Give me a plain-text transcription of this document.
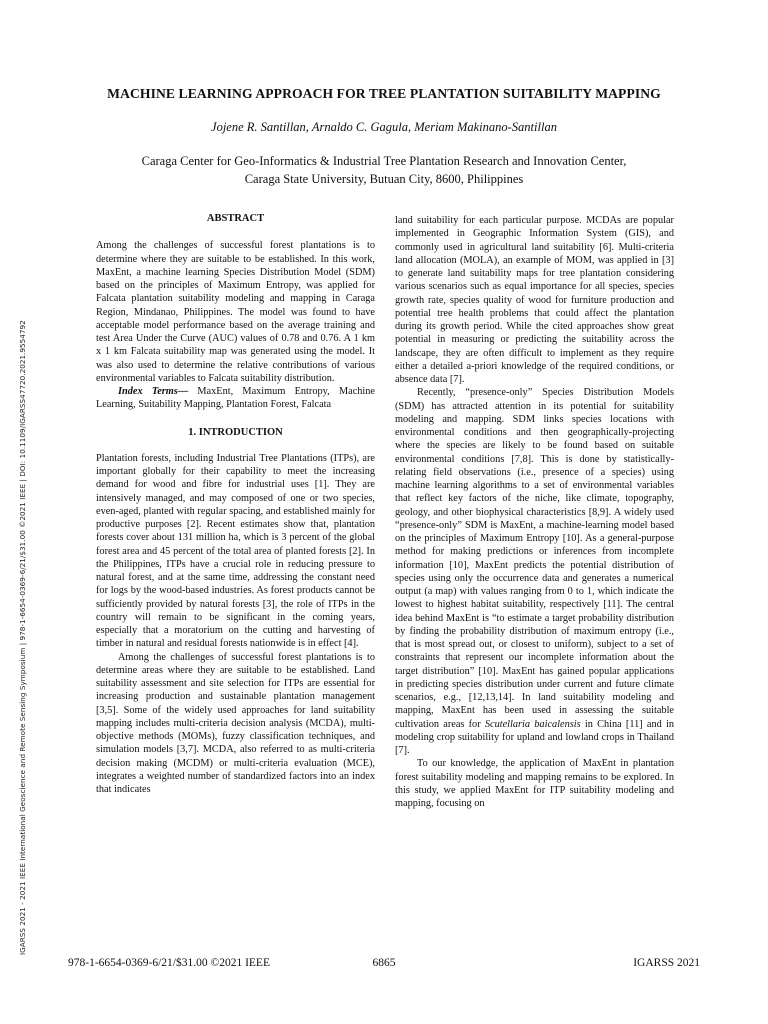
IGARSS 2021 - 2021 IEEE International Geoscience and Remote Sensing Symposium | 978-1-6654-0369-6/21/$31.00 ©2021 IEEE | DOI: 10.1109/IGARSS47720.2021.9554792
MACHINE LEARNING APPROACH FOR TREE PLANTATION SUITABILITY MAPPING
Jojene R. Santillan, Arnaldo C. Gagula, Meriam Makinano-Santillan
Caraga Center for Geo-Informatics & Industrial Tree Plantation Research and Innovation Center,
Caraga State University, Butuan City, 8600, Philippines
ABSTRACT

Among the challenges of successful forest plantations is to determine where they are suitable to be established. In this work, MaxEnt, a machine learning Species Distribution Model (SDM) based on the principles of Maximum Entropy, was applied for Falcata plantation suitability modeling and mapping in Caraga Region, Mindanao, Philippines. The model was found to have acceptable model performance based on the average training and test Area Under the Curve (AUC) values of 0.78 and 0.76. A 1 km x 1 km Falcata suitability map was generated using the model. It was also used to determine the relative contributions of various environmental variables to Falcata suitability distribution.

Index Terms— MaxEnt, Maximum Entropy, Machine Learning, Suitability Mapping, Plantation Forest, Falcata

1. INTRODUCTION

Plantation forests, including Industrial Tree Plantations (ITPs), are important globally for their capability to meet the increasing demand for wood and fibre for industrial uses [1]. They are intensively managed, and may composed of one or two species, even-aged, planted with regular spacing, and established mainly for productive purposes [2]. Recent estimates show that, plantation forests cover about 131 million ha, which is 3 percent of the global forest area and 45 percent of the total area of planted forests [2]. In the Philippines, ITPs have a crucial role in reducing pressure to natural forest, and at the same time, addressing the constant need for logs by the wood-based industries. As forest products cannot be sufficiently provided by natural forests [3], the role of ITPs in the country will remain to be significant in the coming years, especially that a moratorium on the cutting and harvesting of timber in natural and residual forests nationwide is in effect [4].

Among the challenges of successful forest plantations is to determine areas where they are suitable to be established. Land suitability assessment and site selection for ITPs are essential for increasing production and sustainable plantation management [3,5]. Some of the widely used approaches for land suitability mapping includes multi-criteria decision analysis (MCDA), multi-objective methods (MOMs), fuzzy classification techniques, and simulation models [3,7]. MCDA, also referred to as multi-criteria decision making (MCDM) or multi-criteria evaluation (MCE), integrates a weighted number of standardized factors into an index that indicates

land suitability for each particular purpose. MCDAs are popular implemented in Geographic Information System (GIS), and commonly used in agricultural land suitability [6]. Multi-criteria land allocation (MOLA), an example of MOM, was applied in [3] to generate land suitability maps for tree plantation considering various scenarios such as equal importance for all species, species growth rate, species quality of wood for furniture production and potential tree health problems that could affect the plantation during its growth period. While the cited approaches show great potential in measuring or predicting the suitability across the landscape, they are often difficult to implement as they require either a detailed a-priori knowledge of the required conditions, or absence data [7].

Recently, “presence-only” Species Distribution Models (SDM) has attracted attention in its potential for suitability modeling and mapping. SDM links species locations with environmental conditions and then geographically-projecting where the species are likely to be found based on suitable environmental conditions [7,8]. This is done by statistically-relating field observations (i.e., presence of a species) using machine learning algorithms to a set of environmental variables that reflect key factors of the niche, like climate, topography, geology, and other biophysical characteristics [8,9]. A widely used “presence-only” SDM is MaxEnt, a machine-learning model based on the principles of Maximum Entropy [10]. As a general-purpose method for making predictions or inferences from incomplete information [10], MaxEnt predicts the potential distribution of species using only the occurrence data and generates a numerical output (a map) with values ranging from 0 to 1, which indicate the lowest to highest habitat suitability, respectively [11]. The central idea behind MaxEnt is “to estimate a target probability distribution by finding the probability distribution of maximum entropy (i.e., that is most spread out, or closest to uniform), subject to a set of constraints that represent our incomplete information about the target distribution” [10]. MaxEnt has gained popular applications in predicting species distribution under current and future climate scenarios, e.g., [12,13,14]. In land suitability modeling and mapping, MaxEnt has been used in assessing the suitable cultivation areas for Scutellaria baicalensis in China [11] and in modeling crop suitability for upland and lowland crops in Thailand [7].

To our knowledge, the application of MaxEnt in plantation forest suitability modeling and mapping remains to be explored. In this study, we applied MaxEnt for ITP suitability modeling and mapping, focusing on

978-1-6654-0369-6/21/$31.00 ©2021 IEEE	6865	IGARSS 2021
